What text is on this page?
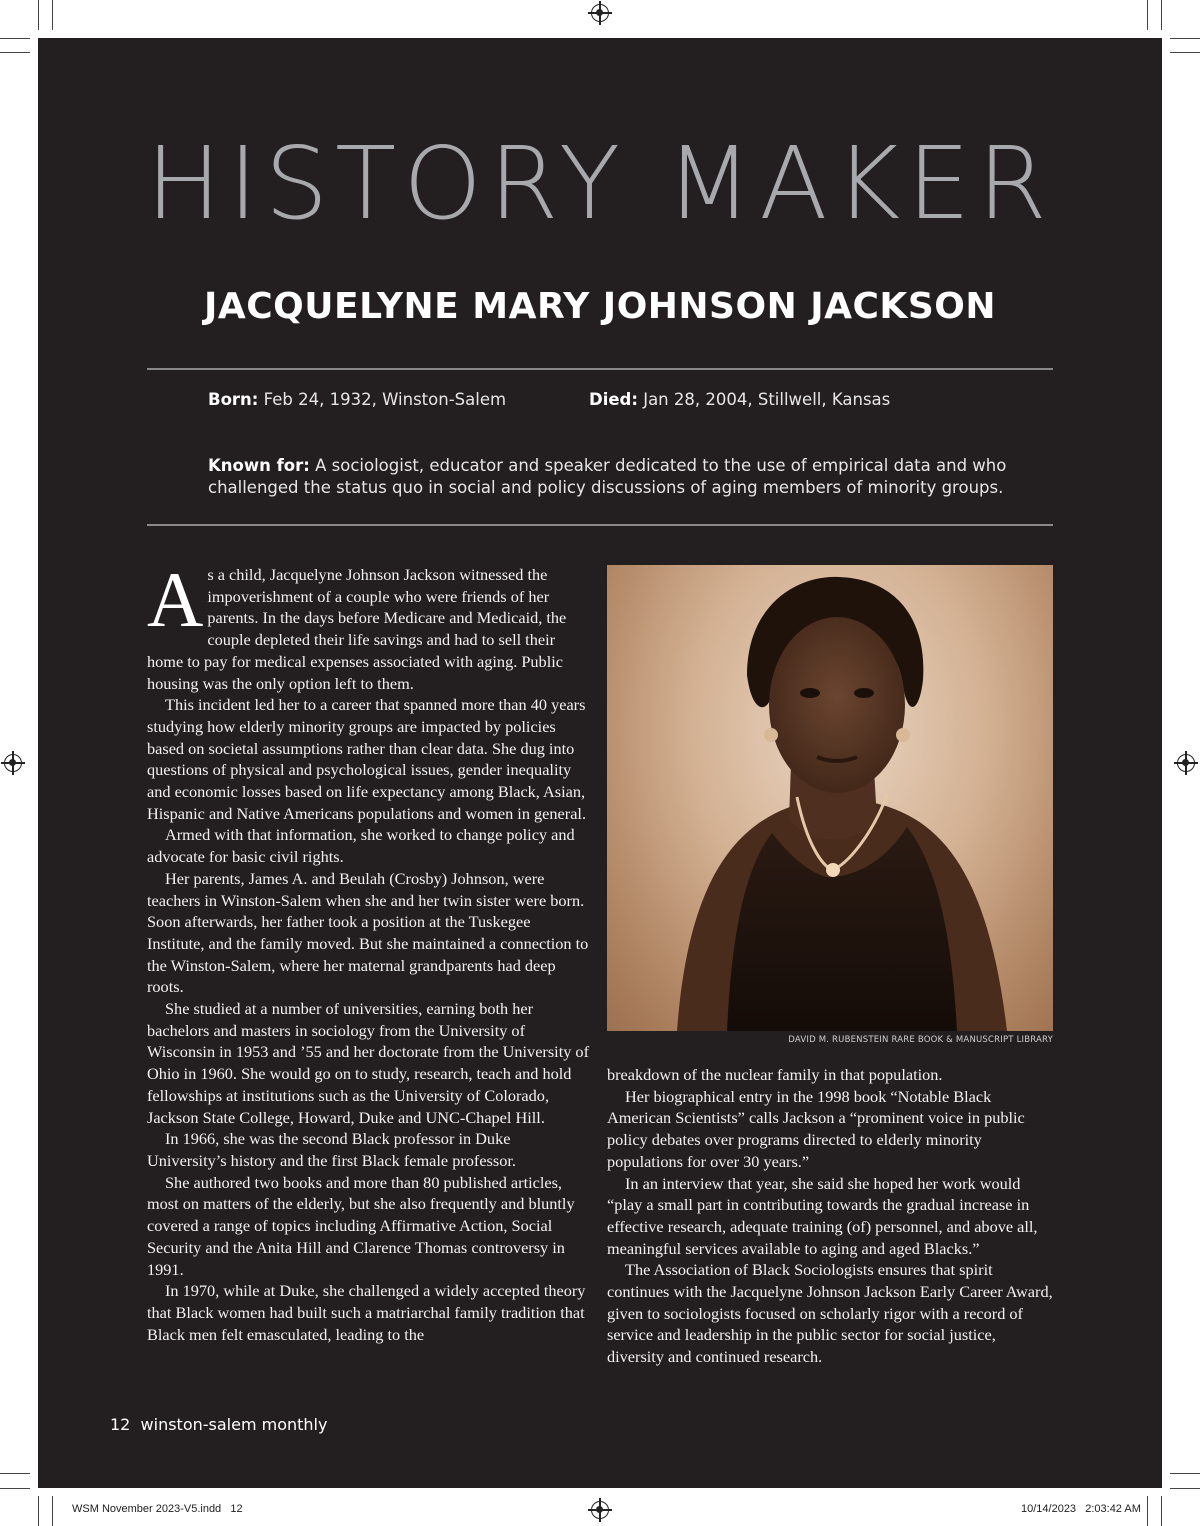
HISTORY MAKER
JACQUELYNE MARY JOHNSON JACKSON
Born: Feb 24, 1932, Winston-Salem	Died: Jan 28, 2004, Stillwell, Kansas
Known for: A sociologist, educator and speaker dedicated to the use of empirical data and who challenged the status quo in social and policy discussions of aging members of minority groups.

As a child, Jacquelyne Johnson Jackson witnessed the impoverishment of a couple who were friends of her parents. In the days before Medicare and Medicaid, the couple depleted their life savings and had to sell their home to pay for medical expenses associated with aging. Public housing was the only option left to them.

This incident led her to a career that spanned more than 40 years studying how elderly minority groups are impacted by policies based on societal assumptions rather than clear data. She dug into questions of physical and psychological issues, gender inequality and economic losses based on life expectancy among Black, Asian, Hispanic and Native Americans populations and women in general.

Armed with that information, she worked to change policy and advocate for basic civil rights.

Her parents, James A. and Beulah (Crosby) Johnson, were teachers in Winston-Salem when she and her twin sister were born. Soon afterwards, her father took a position at the Tuskegee Institute, and the family moved. But she maintained a connection to the Winston-Salem, where her maternal grandparents had deep roots.

She studied at a number of universities, earning both her bachelors and masters in sociology from the University of Wisconsin in 1953 and ’55 and her doctorate from the University of Ohio in 1960. She would go on to study, research, teach and hold fellowships at institutions such as the University of Colorado, Jackson State College, Howard, Duke and UNC-Chapel Hill.

In 1966, she was the second Black professor in Duke University’s history and the first Black female professor.

She authored two books and more than 80 published articles, most on matters of the elderly, but she also frequently and bluntly covered a range of topics including Affirmative Action, Social Security and the Anita Hill and Clarence Thomas controversy in 1991.

In 1970, while at Duke, she challenged a widely accepted theory that Black women had built such a matriarchal family tradition that Black men felt emasculated, leading to the

DAVID M. RUBENSTEIN RARE BOOK & MANUSCRIPT LIBRARY

breakdown of the nuclear family in that population.

Her biographical entry in the 1998 book “Notable Black American Scientists” calls Jackson a “prominent voice in public policy debates over programs directed to elderly minority populations for over 30 years.”

In an interview that year, she said she hoped her work would “play a small part in contributing towards the gradual increase in effective research, adequate training (of) personnel, and above all, meaningful services available to aging and aged Blacks.”

The Association of Black Sociologists ensures that spirit continues with the Jacquelyne Johnson Jackson Early Career Award, given to sociologists focused on scholarly rigor with a record of service and leadership in the public sector for social justice, diversity and continued research.

12 winston-salem monthly
WSM November 2023-V5.indd   12	10/14/2023   2:03:42 AM
